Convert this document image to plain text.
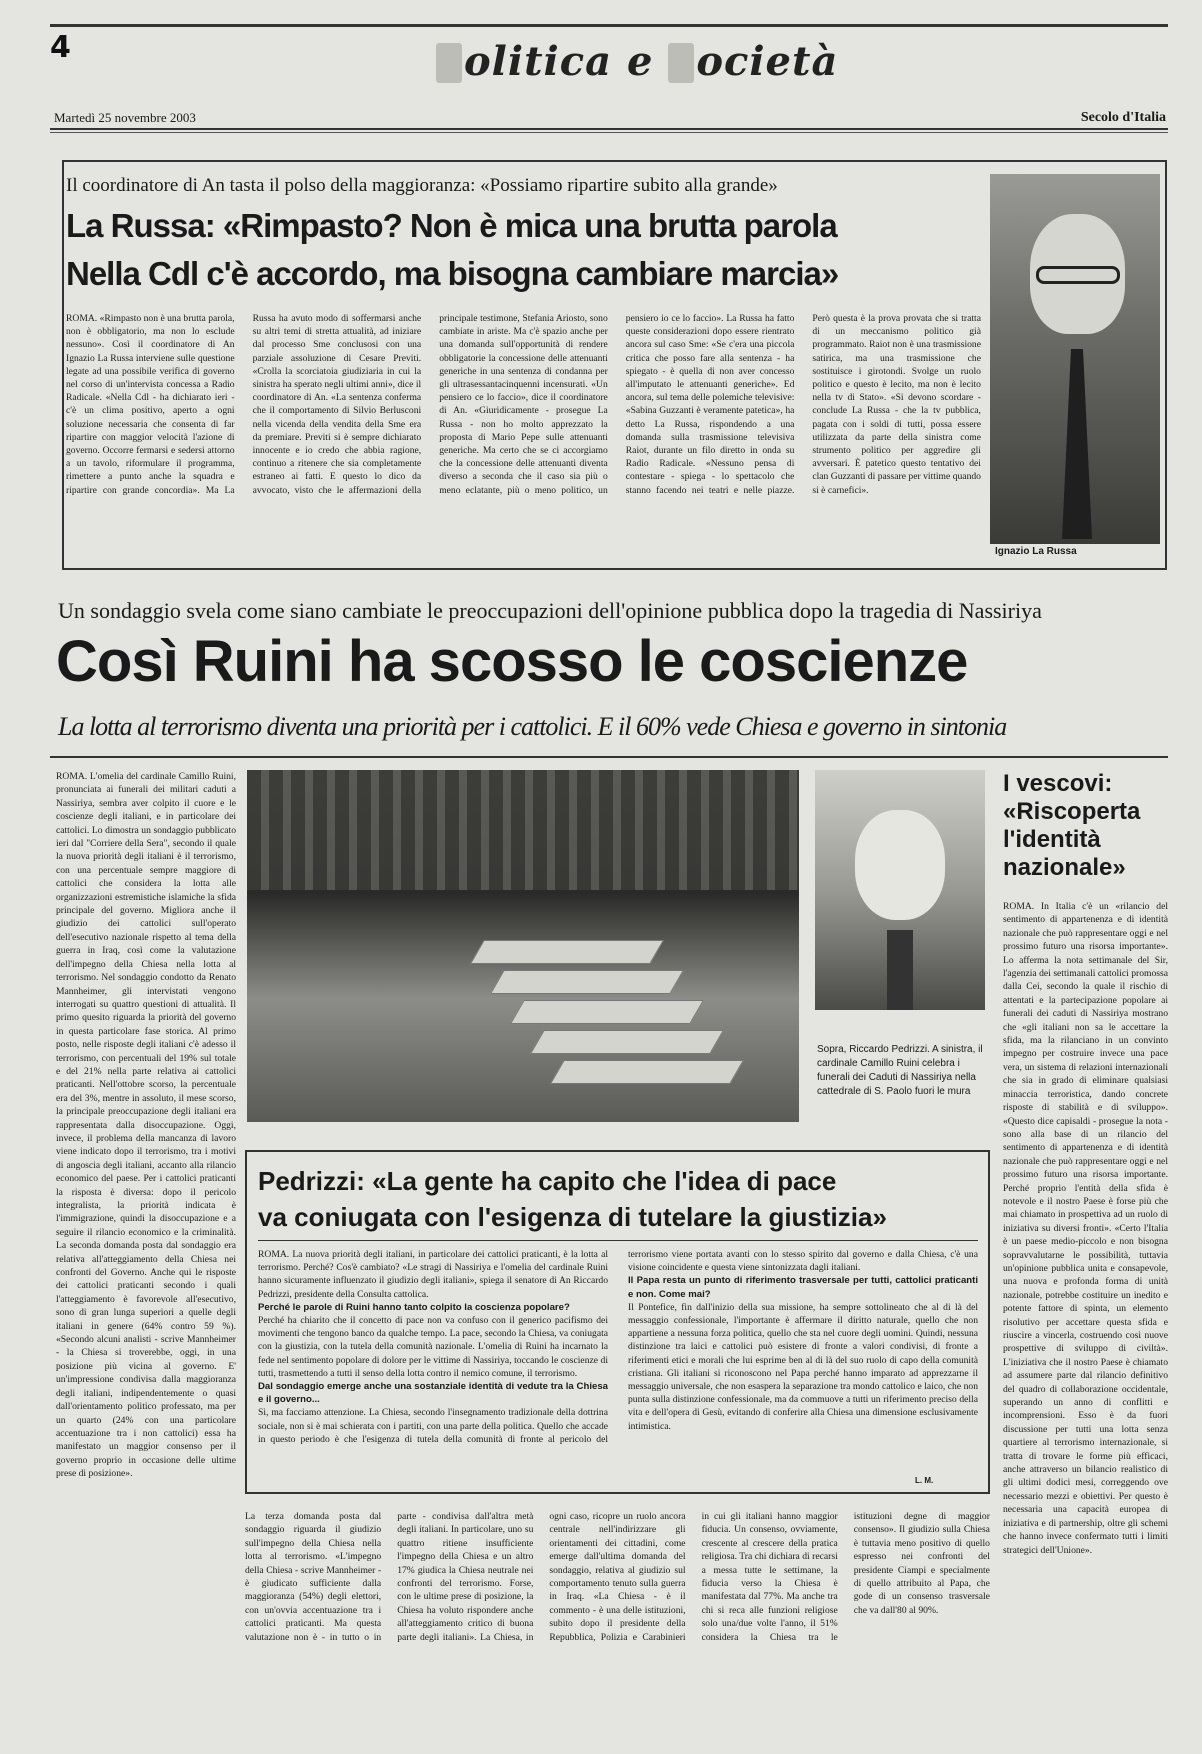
4	olitica e ocietà
Martedì 25 novembre 2003	Secolo d'Italia
Il coordinatore di An tasta il polso della maggioranza: «Possiamo ripartire subito alla grande»
La Russa: «Rimpasto? Non è mica una brutta parola
Nella Cdl c'è accordo, ma bisogna cambiare marcia»
Ignazio La Russa
ROMA. «Rimpasto non è una brutta parola, non è obbligatorio, ma non lo esclude nessuno». Così il coordinatore di An Ignazio La Russa interviene sulle questione legate ad una possibile verifica di governo nel corso di un'intervista concessa a Radio Radicale. «Nella Cdl - ha dichiarato ieri - c'è un clima positivo, aperto a ogni soluzione necessaria che consenta di far ripartire con maggior velocità l'azione di governo. Occorre fermarsi e sedersi attorno a un tavolo, riformulare il programma, rimettere a punto anche la squadra e ripartire con grande concordia». Ma La Russa ha avuto modo di soffermarsi anche su altri temi di stretta attualità, ad iniziare dal processo Sme conclusosi con una parziale assoluzione di Cesare Previti. «Crolla la scorciatoia giudiziaria in cui la sinistra ha sperato negli ultimi anni», dice il coordinatore di An. «La sentenza conferma che il comportamento di Silvio Berlusconi nella vicenda della vendita della Sme era da premiare. Previti si è sempre dichiarato innocente e io credo che abbia ragione, continuo a ritenere che sia completamente estraneo ai fatti. E questo lo dico da avvocato, visto che le affermazioni della principale testimone, Stefania Ariosto, sono cambiate in ariste. Ma c'è spazio anche per una domanda sull'opportunità di rendere obbligatorie la concessione delle attenuanti generiche in una sentenza di condanna per gli ultrasessantacinquenni incensurati. «Un pensiero ce lo faccio», dice il coordinatore di An. «Giuridicamente - prosegue La Russa - non ho molto apprezzato la proposta di Mario Pepe sulle attenuanti generiche. Ma certo che se ci accorgiamo che la concessione delle attenuanti diventa diverso a seconda che il caso sia più o meno eclatante, più o meno politico, un pensiero io ce lo faccio». La Russa ha fatto queste considerazioni dopo essere rientrato ancora sul caso Sme: «Se c'era una piccola critica che posso fare alla sentenza - ha spiegato - è quella di non aver concesso all'imputato le attenuanti generiche». Ed ancora, sul tema delle polemiche televisive: «Sabina Guzzanti è veramente patetica», ha detto La Russa, rispondendo a una domanda sulla trasmissione televisiva Raiot, durante un filo diretto in onda su Radio Radicale. «Nessuno pensa di contestare - spiega - lo spettacolo che stanno facendo nei teatri e nelle piazze. Però questa è la prova provata che si tratta di un meccanismo politico già programmato. Raiot non è una trasmissione satirica, ma una trasmissione che sostituisce i girotondi. Svolge un ruolo politico e questo è lecito, ma non è lecito nella tv di Stato». «Si devono scordare - conclude La Russa - che la tv pubblica, pagata con i soldi di tutti, possa essere utilizzata da parte della sinistra come strumento politico per aggredire gli avversari. È patetico questo tentativo dei clan Guzzanti di passare per vittime quando si è carnefici».
Un sondaggio svela come siano cambiate le preoccupazioni dell'opinione pubblica dopo la tragedia di Nassiriya
Così Ruini ha scosso le coscienze
La lotta al terrorismo diventa una priorità per i cattolici. E il 60% vede Chiesa e governo in sintonia
ROMA. L'omelia del cardinale Camillo Ruini, pronunciata ai funerali dei militari caduti a Nassiriya, sembra aver colpito il cuore e le coscienze degli italiani, e in particolare dei cattolici. Lo dimostra un sondaggio pubblicato ieri dal "Corriere della Sera", secondo il quale la nuova priorità degli italiani è il terrorismo, con una percentuale sempre maggiore di cattolici che considera la lotta alle organizzazioni estremistiche islamiche la sfida principale del governo. Migliora anche il giudizio dei cattolici sull'operato dell'esecutivo nazionale rispetto al tema della guerra in Iraq, così come la valutazione dell'impegno della Chiesa nella lotta al terrorismo. Nel sondaggio condotto da Renato Mannheimer, gli intervistati vengono interrogati su quattro questioni di attualità. Il primo quesito riguarda la priorità del governo in questa particolare fase storica. Al primo posto, nelle risposte degli italiani c'è adesso il terrorismo, con percentuali del 19% sul totale e del 21% nella parte relativa ai cattolici praticanti. Nell'ottobre scorso, la percentuale era del 3%, mentre in assoluto, il mese scorso, la principale preoccupazione degli italiani era rappresentata dalla disoccupazione. Oggi, invece, il problema della mancanza di lavoro viene indicato dopo il terrorismo, tra i motivi di angoscia degli italiani, accanto alla rilancio economico del paese. Per i cattolici praticanti la risposta è diversa: dopo il pericolo integralista, la priorità indicata è l'immigrazione, quindi la disoccupazione e a seguire il rilancio economico e la criminalità. La seconda domanda posta dal sondaggio era relativa all'atteggiamento della Chiesa nei confronti del Governo. Anche qui le risposte dei cattolici praticanti secondo i quali l'atteggiamento è favorevole all'esecutivo, sono di gran lunga superiori a quelle degli italiani in genere (64% contro 59 %). «Secondo alcuni analisti - scrive Mannheimer - la Chiesa si troverebbe, oggi, in una posizione più vicina al governo. E' un'impressione condivisa dalla maggioranza degli italiani, indipendentemente o quasi dall'orientamento politico professato, ma per un quarto (24% con una particolare accentuazione tra i non cattolici) essa ha manifestato un maggior consenso per il governo proprio in occasione delle ultime prese di posizione».
Sopra, Riccardo Pedrizzi. A sinistra, il cardinale Camillo Ruini celebra i funerali dei Caduti di Nassiriya nella cattedrale di S. Paolo fuori le mura
I vescovi: «Riscoperta l'identità nazionale»
ROMA. In Italia c'è un «rilancio del sentimento di appartenenza e di identità nazionale che può rappresentare oggi e nel prossimo futuro una risorsa importante». Lo afferma la nota settimanale del Sir, l'agenzia dei settimanali cattolici promossa dalla Cei, secondo la quale il rischio di attentati e la partecipazione popolare ai funerali dei caduti di Nassiriya mostrano che «gli italiani non sa le accettare la sfida, ma la rilanciano in un convinto impegno per costruire invece una pace vera, un sistema di relazioni internazionali che sia in grado di eliminare qualsiasi minaccia terroristica, dando concrete risposte di stabilità e di sviluppo». «Questo dice capisaldi - prosegue la nota - sono alla base di un rilancio del sentimento di appartenenza e di identità nazionale che può rappresentare oggi e nel prossimo futuro una risorsa importante. Perché proprio l'entità della sfida è notevole e il nostro Paese è forse più che mai chiamato in prospettiva ad un ruolo di iniziativa su diversi fronti». «Certo l'Italia è un paese medio-piccolo e non bisogna sopravvalutarne le possibilità, tuttavia un'opinione pubblica unita e consapevole, una nuova e profonda forma di unità nazionale, potrebbe costituire un inedito e potente fattore di spinta, un elemento risolutivo per accettare questa sfida e riuscire a vincerla, costruendo così nuove prospettive di sviluppo di civiltà». L'iniziativa che il nostro Paese è chiamato ad assumere parte dal rilancio definitivo del quadro di collaborazione occidentale, superando un anno di conflitti e incomprensioni. Esso è da fuori discussione per tutti una lotta senza quartiere al terrorismo internazionale, si tratta di trovare le forme più efficaci, anche attraverso un bilancio realistico di gli ultimi dodici mesi, correggendo ove necessario mezzi e obiettivi. Per questo è necessaria una capacità europea di iniziativa e di partnership, oltre gli schemi che hanno invece confermato tutti i limiti strategici dell'Unione».
Pedrizzi: «La gente ha capito che l'idea di pace
va coniugata con l'esigenza di tutelare la giustizia»

ROMA. La nuova priorità degli italiani, in particolare dei cattolici praticanti, è la lotta al terrorismo. Perché? Cos'è cambiato? «Le stragi di Nassiriya e l'omelia del cardinale Ruini hanno sicuramente influenzato il giudizio degli italiani», spiega il senatore di An Riccardo Pedrizzi, presidente della Consulta cattolica.

Perché le parole di Ruini hanno tanto colpito la coscienza popolare?

Perché ha chiarito che il concetto di pace non va confuso con il generico pacifismo dei movimenti che tengono banco da qualche tempo. La pace, secondo la Chiesa, va coniugata con la giustizia, con la tutela della comunità nazionale. L'omelia di Ruini ha incarnato la fede nel sentimento popolare di dolore per le vittime di Nassiriya, toccando le coscienze di tutti, trasmettendo a tutti il senso della lotta contro il nemico comune, il terrorismo.

Dal sondaggio emerge anche una sostanziale identità di vedute tra la Chiesa e il governo...

Sì, ma facciamo attenzione. La Chiesa, secondo l'insegnamento tradizionale della dottrina sociale, non si è mai schierata con i partiti, con una parte della politica. Quello che accade in questo periodo è che l'esigenza di tutela della comunità di fronte al pericolo del terrorismo viene portata avanti con lo stesso spirito dal governo e dalla Chiesa, c'è una visione coincidente e questa viene sintonizzata dagli italiani.

Il Papa resta un punto di riferimento trasversale per tutti, cattolici praticanti e non. Come mai?

Il Pontefice, fin dall'inizio della sua missione, ha sempre sottolineato che al di là del messaggio confessionale, l'importante è affermare il diritto naturale, quello che non appartiene a nessuna forza politica, quello che sta nel cuore degli uomini. Quindi, nessuna distinzione tra laici e cattolici può esistere di fronte a valori condivisi, di fronte a riferimenti etici e morali che lui esprime ben al di là del suo ruolo di capo della comunità cristiana. Gli italiani si riconoscono nel Papa perché hanno imparato ad apprezzarne il messaggio universale, che non esaspera la separazione tra mondo cattolico e laico, che non punta sulla distinzione confessionale, ma da commuove a tutti un riferimento preciso della vita e dell'opera di Gesù, evitando di conferire alla Chiesa una dimensione esclusivamente intimistica.

L. M.
La terza domanda posta dal sondaggio riguarda il giudizio sull'impegno della Chiesa nella lotta al terrorismo. «L'impegno della Chiesa - scrive Mannheimer - è giudicato sufficiente dalla maggioranza (54%) degli elettori, con un'ovvia accentuazione tra i cattolici praticanti. Ma questa valutazione non è - in tutto o in parte - condivisa dall'altra metà degli italiani. In particolare, uno su quattro ritiene insufficiente l'impegno della Chiesa e un altro 17% giudica la Chiesa neutrale nei confronti del terrorismo. Forse, con le ultime prese di posizione, la Chiesa ha voluto rispondere anche all'atteggiamento critico di buona parte degli italiani». La Chiesa, in ogni caso, ricopre un ruolo ancora centrale nell'indirizzare gli orientamenti dei cittadini, come emerge dall'ultima domanda del sondaggio, relativa al giudizio sul comportamento tenuto sulla guerra in Iraq. «La Chiesa - è il commento - è una delle istituzioni, subito dopo il presidente della Repubblica, Polizia e Carabinieri in cui gli italiani hanno maggior fiducia. Un consenso, ovviamente, crescente al crescere della pratica religiosa. Tra chi dichiara di recarsi a messa tutte le settimane, la fiducia verso la Chiesa è manifestata dal 77%. Ma anche tra chi si reca alle funzioni religiose solo una/due volte l'anno, il 51% considera la Chiesa tra le istituzioni degne di maggior consenso». Il giudizio sulla Chiesa è tuttavia meno positivo di quello espresso nei confronti del presidente Ciampi e specialmente di quello attribuito al Papa, che gode di un consenso trasversale che va dall'80 al 90%.
